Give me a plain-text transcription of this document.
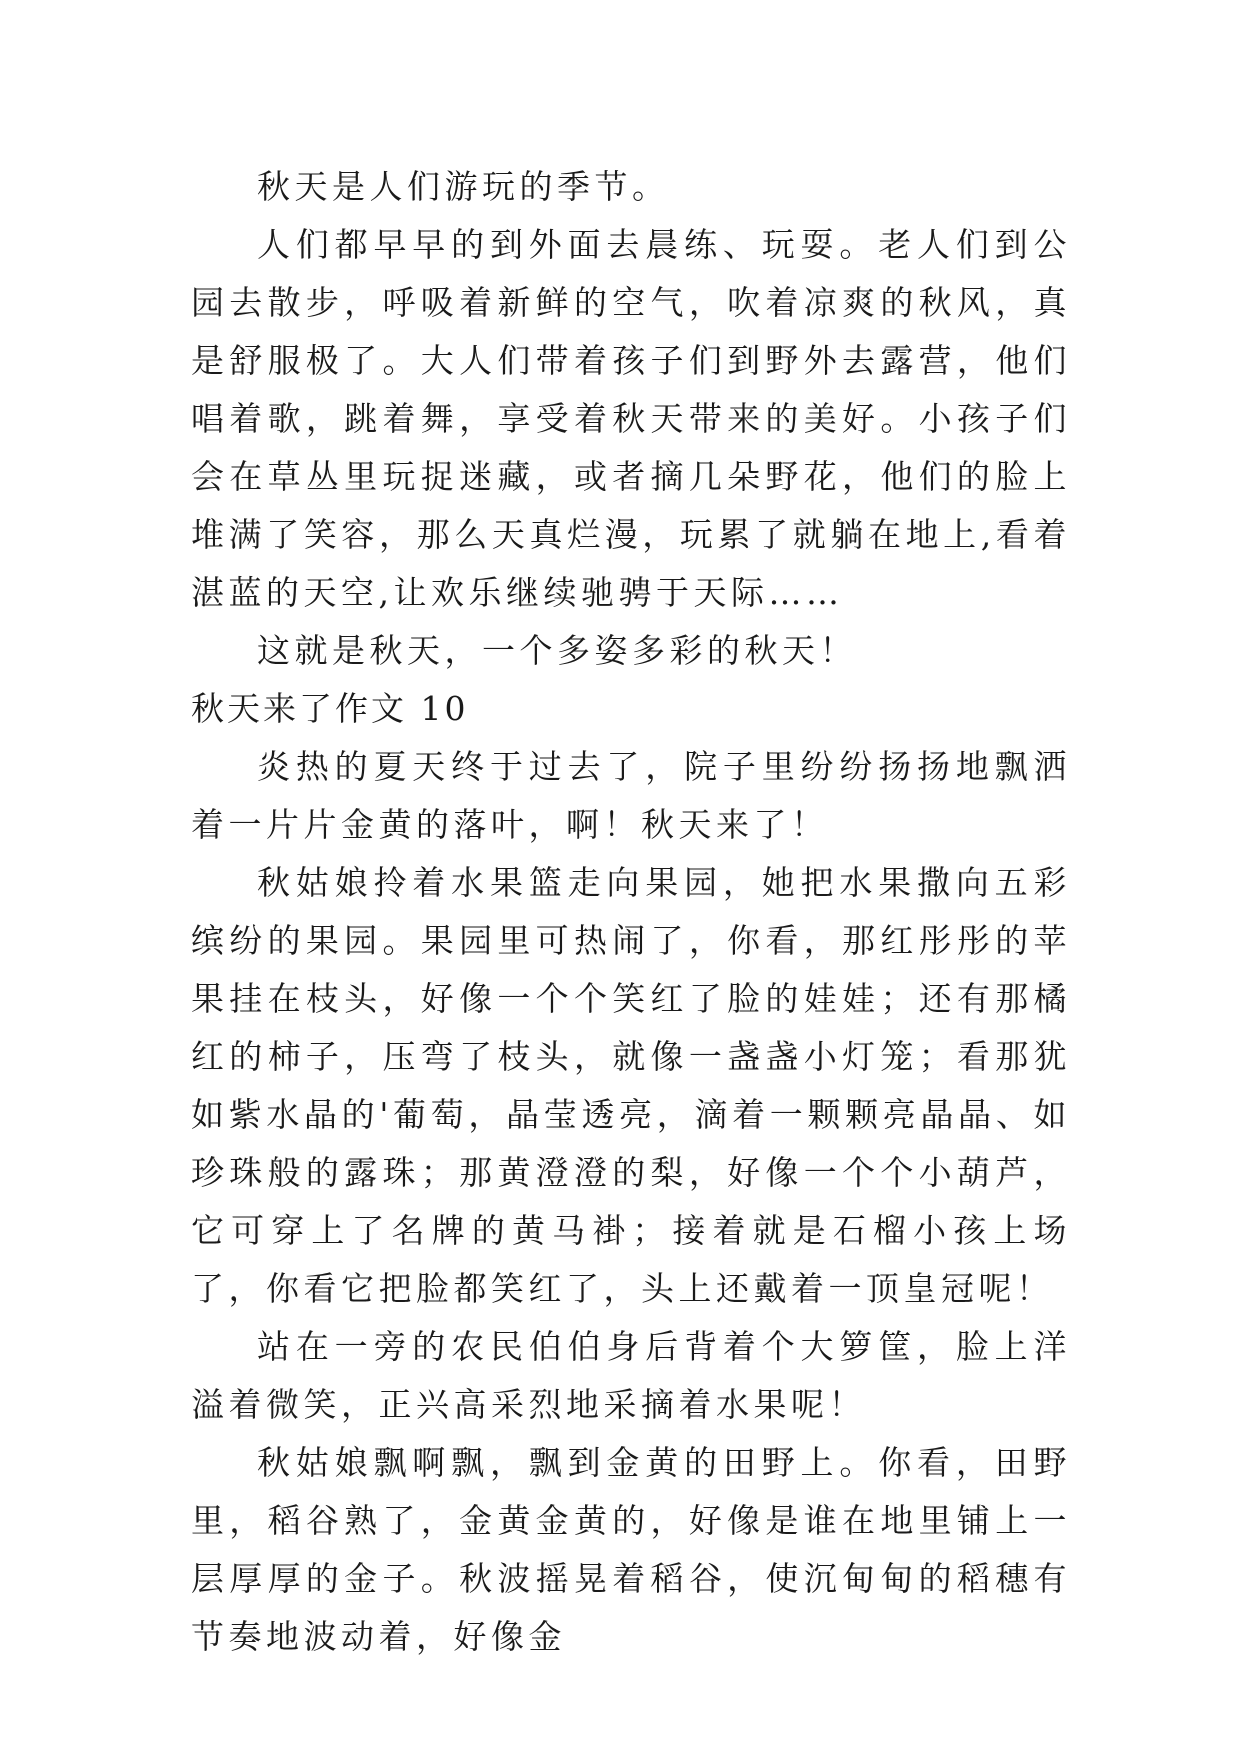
秋天是人们游玩的季节。

人们都早早的到外面去晨练、玩耍。老人们到公园去散步，呼吸着新鲜的空气，吹着凉爽的秋风，真是舒服极了。大人们带着孩子们到野外去露营，他们唱着歌，跳着舞，享受着秋天带来的美好。小孩子们会在草丛里玩捉迷藏，或者摘几朵野花，他们的脸上堆满了笑容，那么天真烂漫，玩累了就躺在地上,看着湛蓝的天空,让欢乐继续驰骋于天际……

这就是秋天，一个多姿多彩的秋天！

秋天来了作文 10

炎热的夏天终于过去了，院子里纷纷扬扬地飘洒着一片片金黄的落叶，啊！秋天来了！

秋姑娘拎着水果篮走向果园，她把水果撒向五彩缤纷的果园。果园里可热闹了，你看，那红彤彤的苹果挂在枝头，好像一个个笑红了脸的娃娃；还有那橘红的柿子，压弯了枝头，就像一盏盏小灯笼；看那犹如紫水晶的'葡萄，晶莹透亮，滴着一颗颗亮晶晶、如珍珠般的露珠；那黄澄澄的梨，好像一个个小葫芦，它可穿上了名牌的黄马褂；接着就是石榴小孩上场了，你看它把脸都笑红了，头上还戴着一顶皇冠呢！

站在一旁的农民伯伯身后背着个大箩筐，脸上洋溢着微笑，正兴高采烈地采摘着水果呢！

秋姑娘飘啊飘，飘到金黄的田野上。你看，田野里，稻谷熟了，金黄金黄的，好像是谁在地里铺上一层厚厚的金子。秋波摇晃着稻谷，使沉甸甸的稻穗有节奏地波动着，好像金
